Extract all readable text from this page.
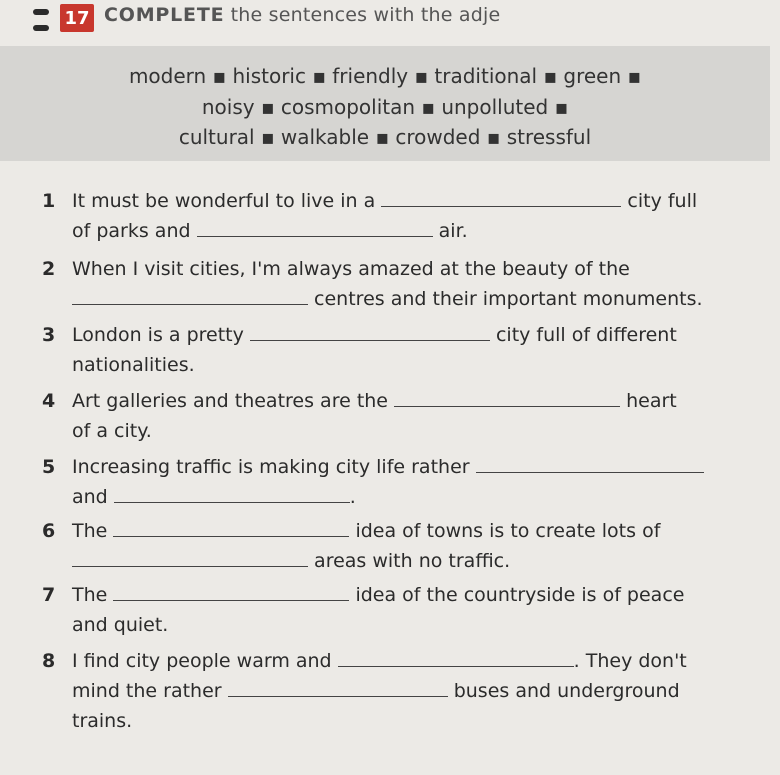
17 COMPLETE the sentences with the adje
modern ▪ historic ▪ friendly ▪ traditional ▪ green ▪
noisy ▪ cosmopolitan ▪ unpolluted ▪
cultural ▪ walkable ▪ crowded ▪ stressful
1 It must be wonderful to live in a	city full
of parks and	air.
2 When I visit cities, I'm always amazed at the beauty of the
centres and their important monuments.
3 London is a pretty	city full of different
nationalities.
4 Art galleries and theatres are the	heart
of a city.
5 Increasing traffic is making city life rather
and	.
6 The	idea of towns is to create lots of
areas with no traffic.
7 The	idea of the countryside is of peace
and quiet.
8 I find city people warm and	. They don't
mind the rather	buses and underground
trains.
